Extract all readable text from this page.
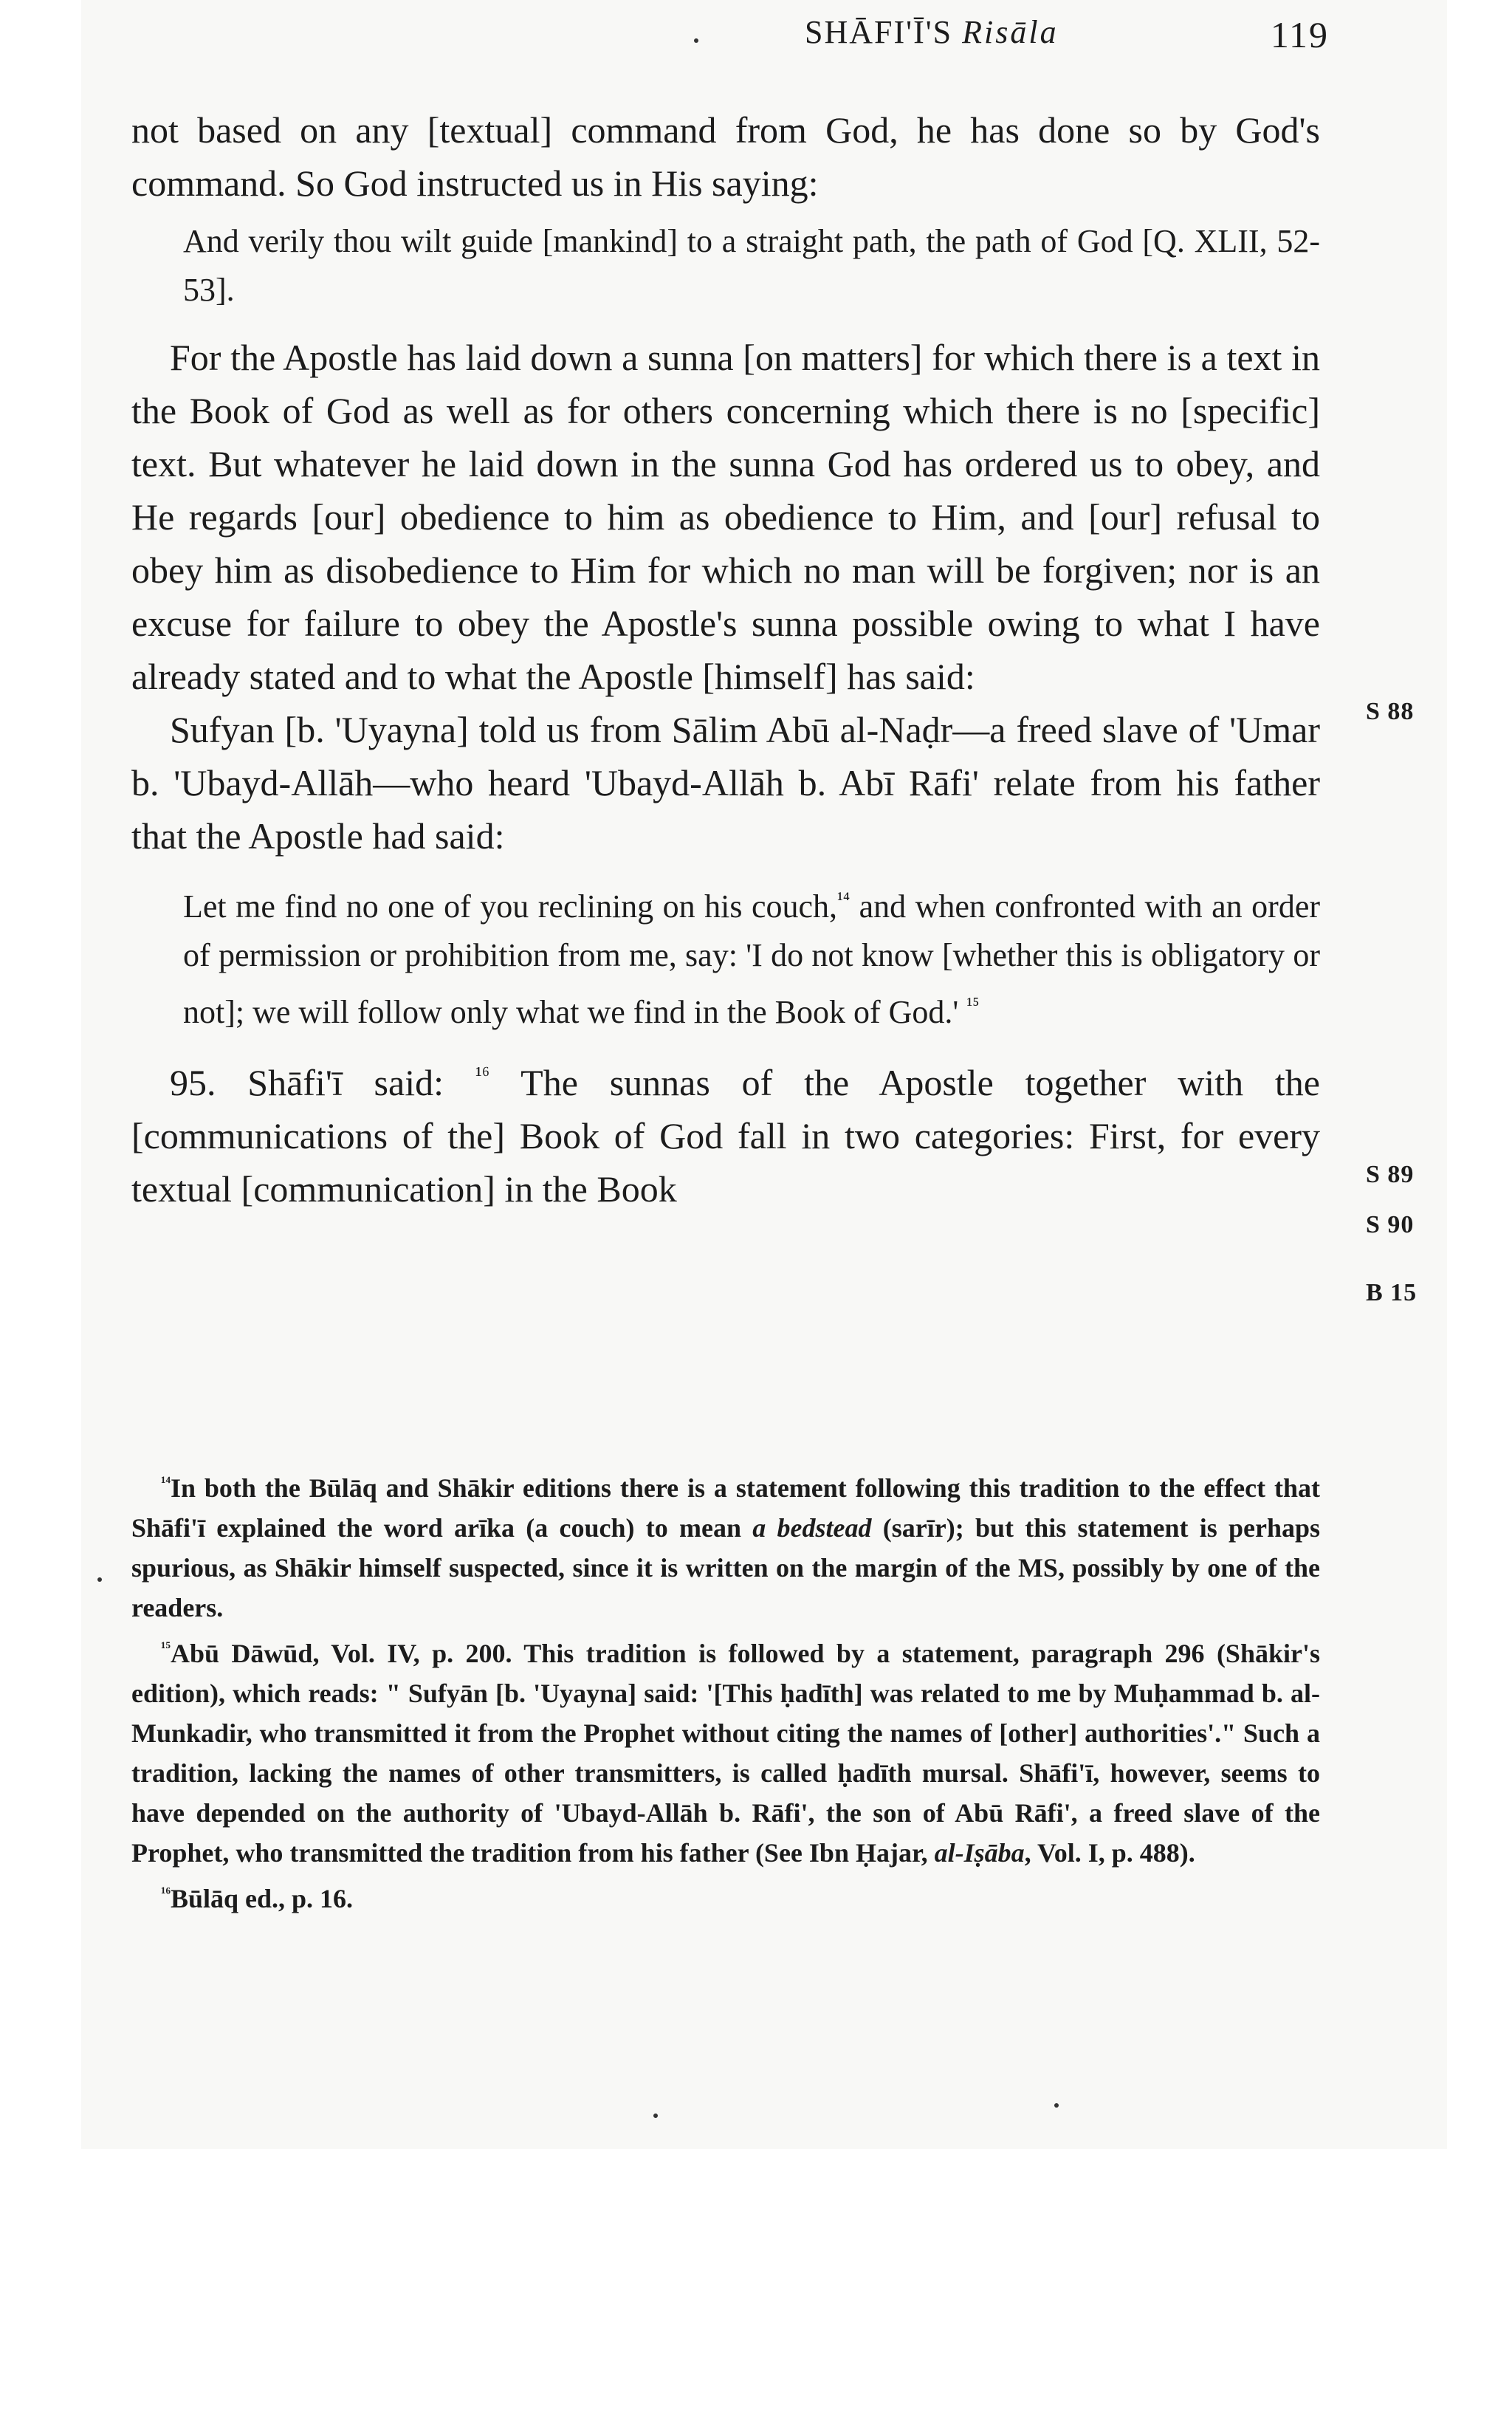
SHĀFI'Ī'S Risāla	119

not based on any [textual] command from God, he has done so by God's command. So God instructed us in His saying:

And verily thou wilt guide [mankind] to a straight path, the path of God [Q. XLII, 52-53].

For the Apostle has laid down a sunna [on matters] for which there is a text in the Book of God as well as for others concerning which there is no [specific] text. But whatever he laid down in the sunna God has ordered us to obey, and He regards [our] obedience to him as obedience to Him, and [our] refusal to obey him as disobedience to Him for which no man will be forgiven; nor is an excuse for failure to obey the Apostle's sunna possible owing to what I have already stated and to what the Apostle [himself] has said:

Sufyan [b. 'Uyayna] told us from Sālim Abū al-Naḍr—a freed slave of 'Umar b. 'Ubayd-Allāh—who heard 'Ubayd-Allāh b. Abī Rāfi' relate from his father that the Apostle had said:

Let me find no one of you reclining on his couch,$^{^{14}}$ and when confronted with an order of permission or prohibition from me, say: 'I do not know [whether this is obligatory or not]; we will follow only what we find in the Book of God.' $^{^{15}}$

95. Shāfi'ī said: $^{^{16}}$ The sunnas of the Apostle together with the [communications of the] Book of God fall in two categories: First, for every textual [communication] in the Book

S 88
S 89
S 90
B 15

$^{^{14}}$In both the Būlāq and Shākir editions there is a statement following this tradition to the effect that Shāfi'ī explained the word arīka (a couch) to mean a bedstead (sarīr); but this statement is perhaps spurious, as Shākir himself suspected, since it is written on the margin of the MS, possibly by one of the readers.

$^{^{15}}$Abū Dāwūd, Vol. IV, p. 200. This tradition is followed by a statement, paragraph 296 (Shākir's edition), which reads: " Sufyān [b. 'Uyayna] said: '[This ḥadīth] was related to me by Muḥammad b. al-Munkadir, who transmitted it from the Prophet without citing the names of [other] authorities'." Such a tradition, lacking the names of other transmitters, is called ḥadīth mursal. Shāfi'ī, however, seems to have depended on the authority of 'Ubayd-Allāh b. Rāfi', the son of Abū Rāfi', a freed slave of the Prophet, who transmitted the tradition from his father (See Ibn Ḥajar, al-Iṣāba, Vol. I, p. 488).

$^{^{16}}$Būlāq ed., p. 16.
